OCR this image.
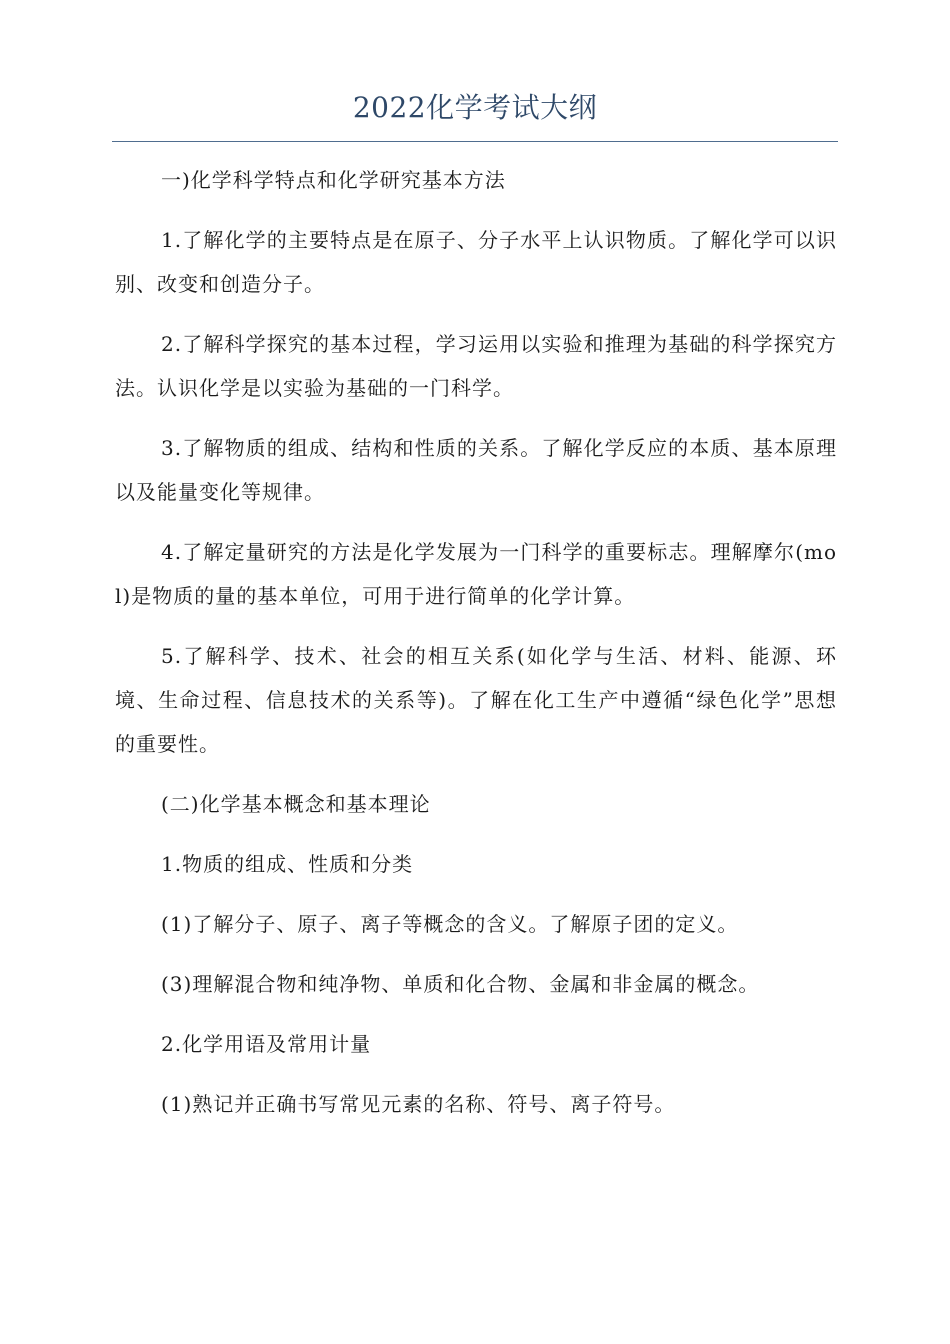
2022化学考试大纲

一)化学科学特点和化学研究基本方法

1.了解化学的主要特点是在原子、分子水平上认识物质。了解化学可以识别、改变和创造分子。

2.了解科学探究的基本过程，学习运用以实验和推理为基础的科学探究方法。认识化学是以实验为基础的一门科学。

3.了解物质的组成、结构和性质的关系。了解化学反应的本质、基本原理以及能量变化等规律。

4.了解定量研究的方法是化学发展为一门科学的重要标志。理解摩尔(mol)是物质的量的基本单位，可用于进行简单的化学计算。

5.了解科学、技术、社会的相互关系(如化学与生活、材料、能源、环境、生命过程、信息技术的关系等)。了解在化工生产中遵循“绿色化学”思想的重要性。

(二)化学基本概念和基本理论

1.物质的组成、性质和分类

(1)了解分子、原子、离子等概念的含义。了解原子团的定义。

(3)理解混合物和纯净物、单质和化合物、金属和非金属的概念。

2.化学用语及常用计量

(1)熟记并正确书写常见元素的名称、符号、离子符号。
